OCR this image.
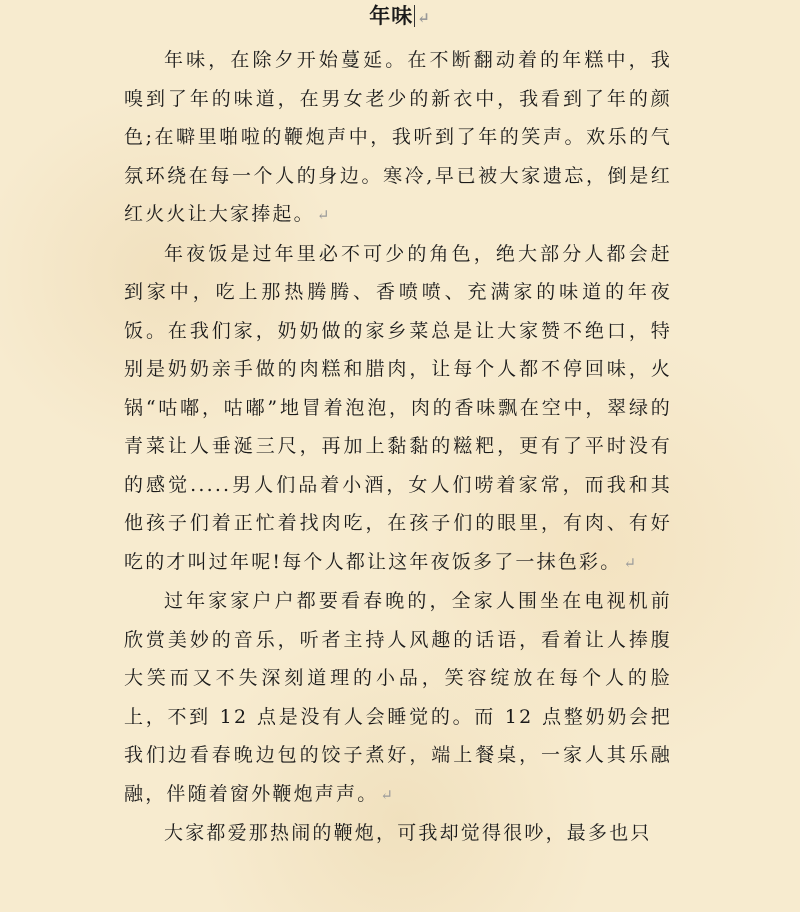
年味 ↵

年味，在除夕开始蔓延。在不断翻动着的年糕中，我嗅到了年的味道，在男女老少的新衣中，我看到了年的颜色;在噼里啪啦的鞭炮声中，我听到了年的笑声。欢乐的气氛环绕在每一个人的身边。寒冷,早已被大家遗忘，倒是红红火火让大家捧起。 ↵

年夜饭是过年里必不可少的角色，绝大部分人都会赶到家中，吃上那热腾腾、香喷喷、充满家的味道的年夜饭。在我们家，奶奶做的家乡菜总是让大家赞不绝口，特别是奶奶亲手做的肉糕和腊肉，让每个人都不停回味，火锅“咕嘟，咕嘟”地冒着泡泡，肉的香味飘在空中，翠绿的青菜让人垂涎三尺，再加上黏黏的糍粑，更有了平时没有的感觉.....男人们品着小酒，女人们唠着家常，而我和其他孩子们着正忙着找肉吃，在孩子们的眼里，有肉、有好吃的才叫过年呢!每个人都让这年夜饭多了一抹色彩。 ↵

过年家家户户都要看春晚的，全家人围坐在电视机前欣赏美妙的音乐，听者主持人风趣的话语，看着让人捧腹大笑而又不失深刻道理的小品，笑容绽放在每个人的脸上，不到 12 点是没有人会睡觉的。而 12 点整奶奶会把我们边看春晚边包的饺子煮好，端上餐桌，一家人其乐融融，伴随着窗外鞭炮声声。 ↵

大家都爱那热闹的鞭炮，可我却觉得很吵，最多也只
